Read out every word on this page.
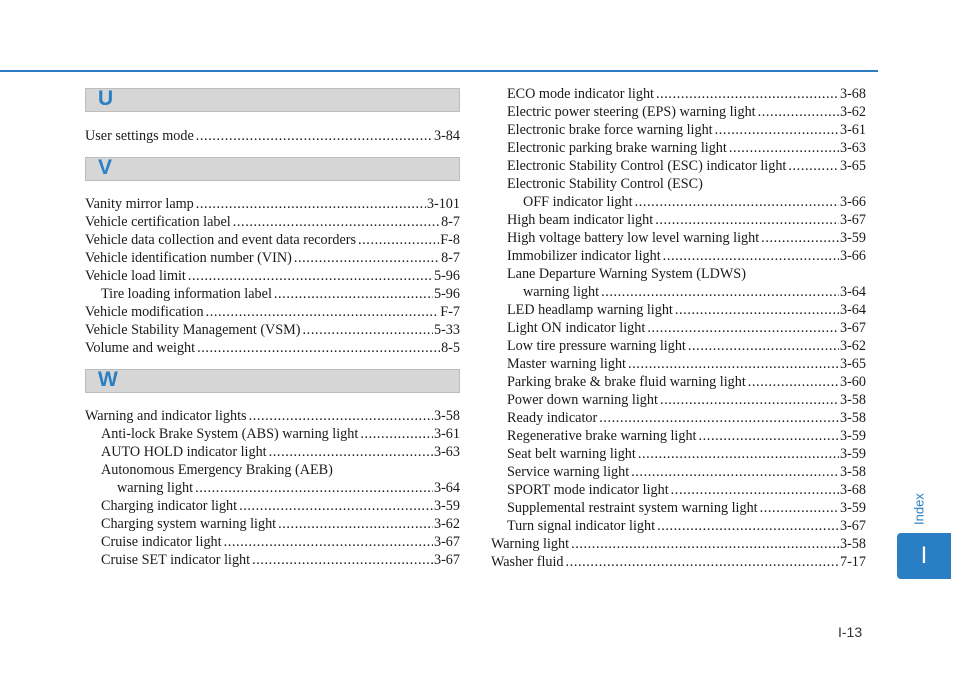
U
User settings mode .....	3-84
V
Vanity mirror lamp .....	3-101
Vehicle certification label .....	8-7
Vehicle data collection and event data recorders .....	F-8
Vehicle identification number (VIN) .....	8-7
Vehicle load limit .....	5-96
Tire loading information label .....	5-96
Vehicle modification .....	F-7
Vehicle Stability Management (VSM) .....	5-33
Volume and weight .....	8-5
W
Warning and indicator lights .....	3-58
Anti-lock Brake System (ABS) warning light .....	3-61
AUTO HOLD indicator light .....	3-63
Autonomous Emergency Braking (AEB)
warning light .....	3-64
Charging indicator light .....	3-59
Charging system warning light .....	3-62
Cruise indicator light .....	3-67
Cruise SET indicator light .....	3-67
ECO mode indicator light .....	3-68
Electric power steering (EPS) warning light .....	3-62
Electronic brake force warning light .....	3-61
Electronic parking brake warning light .....	3-63
Electronic Stability Control (ESC) indicator light .....	3-65
Electronic Stability Control (ESC)
OFF indicator light .....	3-66
High beam indicator light .....	3-67
High voltage battery low level warning light .....	3-59
Immobilizer indicator light .....	3-66
Lane Departure Warning System (LDWS)
warning light .....	3-64
LED headlamp warning light .....	3-64
Light ON indicator light .....	3-67
Low tire pressure warning light .....	3-62
Master warning light .....	3-65
Parking brake & brake fluid warning light .....	3-60
Power down warning light .....	3-58
Ready indicator .....	3-58
Regenerative brake warning light .....	3-59
Seat belt warning light .....	3-59
Service warning light .....	3-58
SPORT mode indicator light .....	3-68
Supplemental restraint system warning light .....	3-59
Turn signal indicator light .....	3-67
Warning light .....	3-58
Washer fluid .....	7-17
Index
I
I-13
